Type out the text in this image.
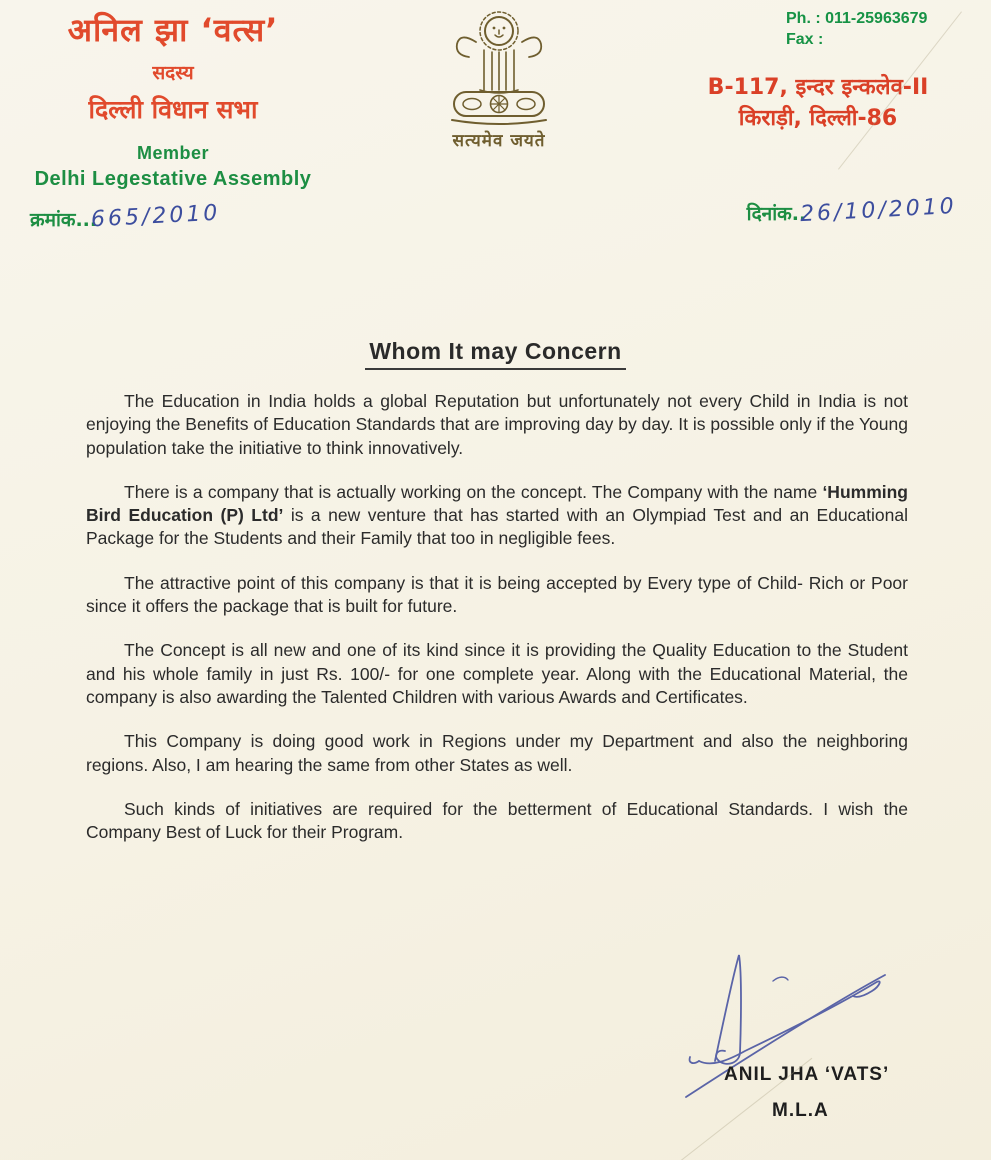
अनिल झा ‘वत्स’
सदस्य
दिल्ली विधान सभा
Member
Delhi Legestative Assembly
सत्यमेव जयते
Ph. : 011-25963679
Fax :
B-117, इन्दर इन्कलेव-II
किराड़ी, दिल्ली-86
क्रमांक...665/2010	दिनांक..26/10/2010
Whom It may Concern

The Education in India holds a global Reputation but unfortunately not every Child in India is not enjoying the Benefits of Education Standards that are improving day by day. It is possible only if the Young population take the initiative to think innovatively.

There is a company that is actually working on the concept. The Company with the name ‘Humming Bird Education (P) Ltd’ is a new venture that has started with an Olympiad Test and an Educational Package for the Students and their Family that too in negligible fees.

The attractive point of this company is that it is being accepted by Every type of Child- Rich or Poor since it offers the package that is built for future.

The Concept is all new and one of its kind since it is providing the Quality Education to the Student and his whole family in just Rs. 100/- for one complete year. Along with the Educational Material, the company is also awarding the Talented Children with various Awards and Certificates.

This Company is doing good work in Regions under my Department and also the neighboring regions. Also, I am hearing the same from other States as well.

Such kinds of initiatives are required for the betterment of Educational Standards. I wish the Company Best of Luck for their Program.

ANIL JHA ‘VATS’
M.L.A
